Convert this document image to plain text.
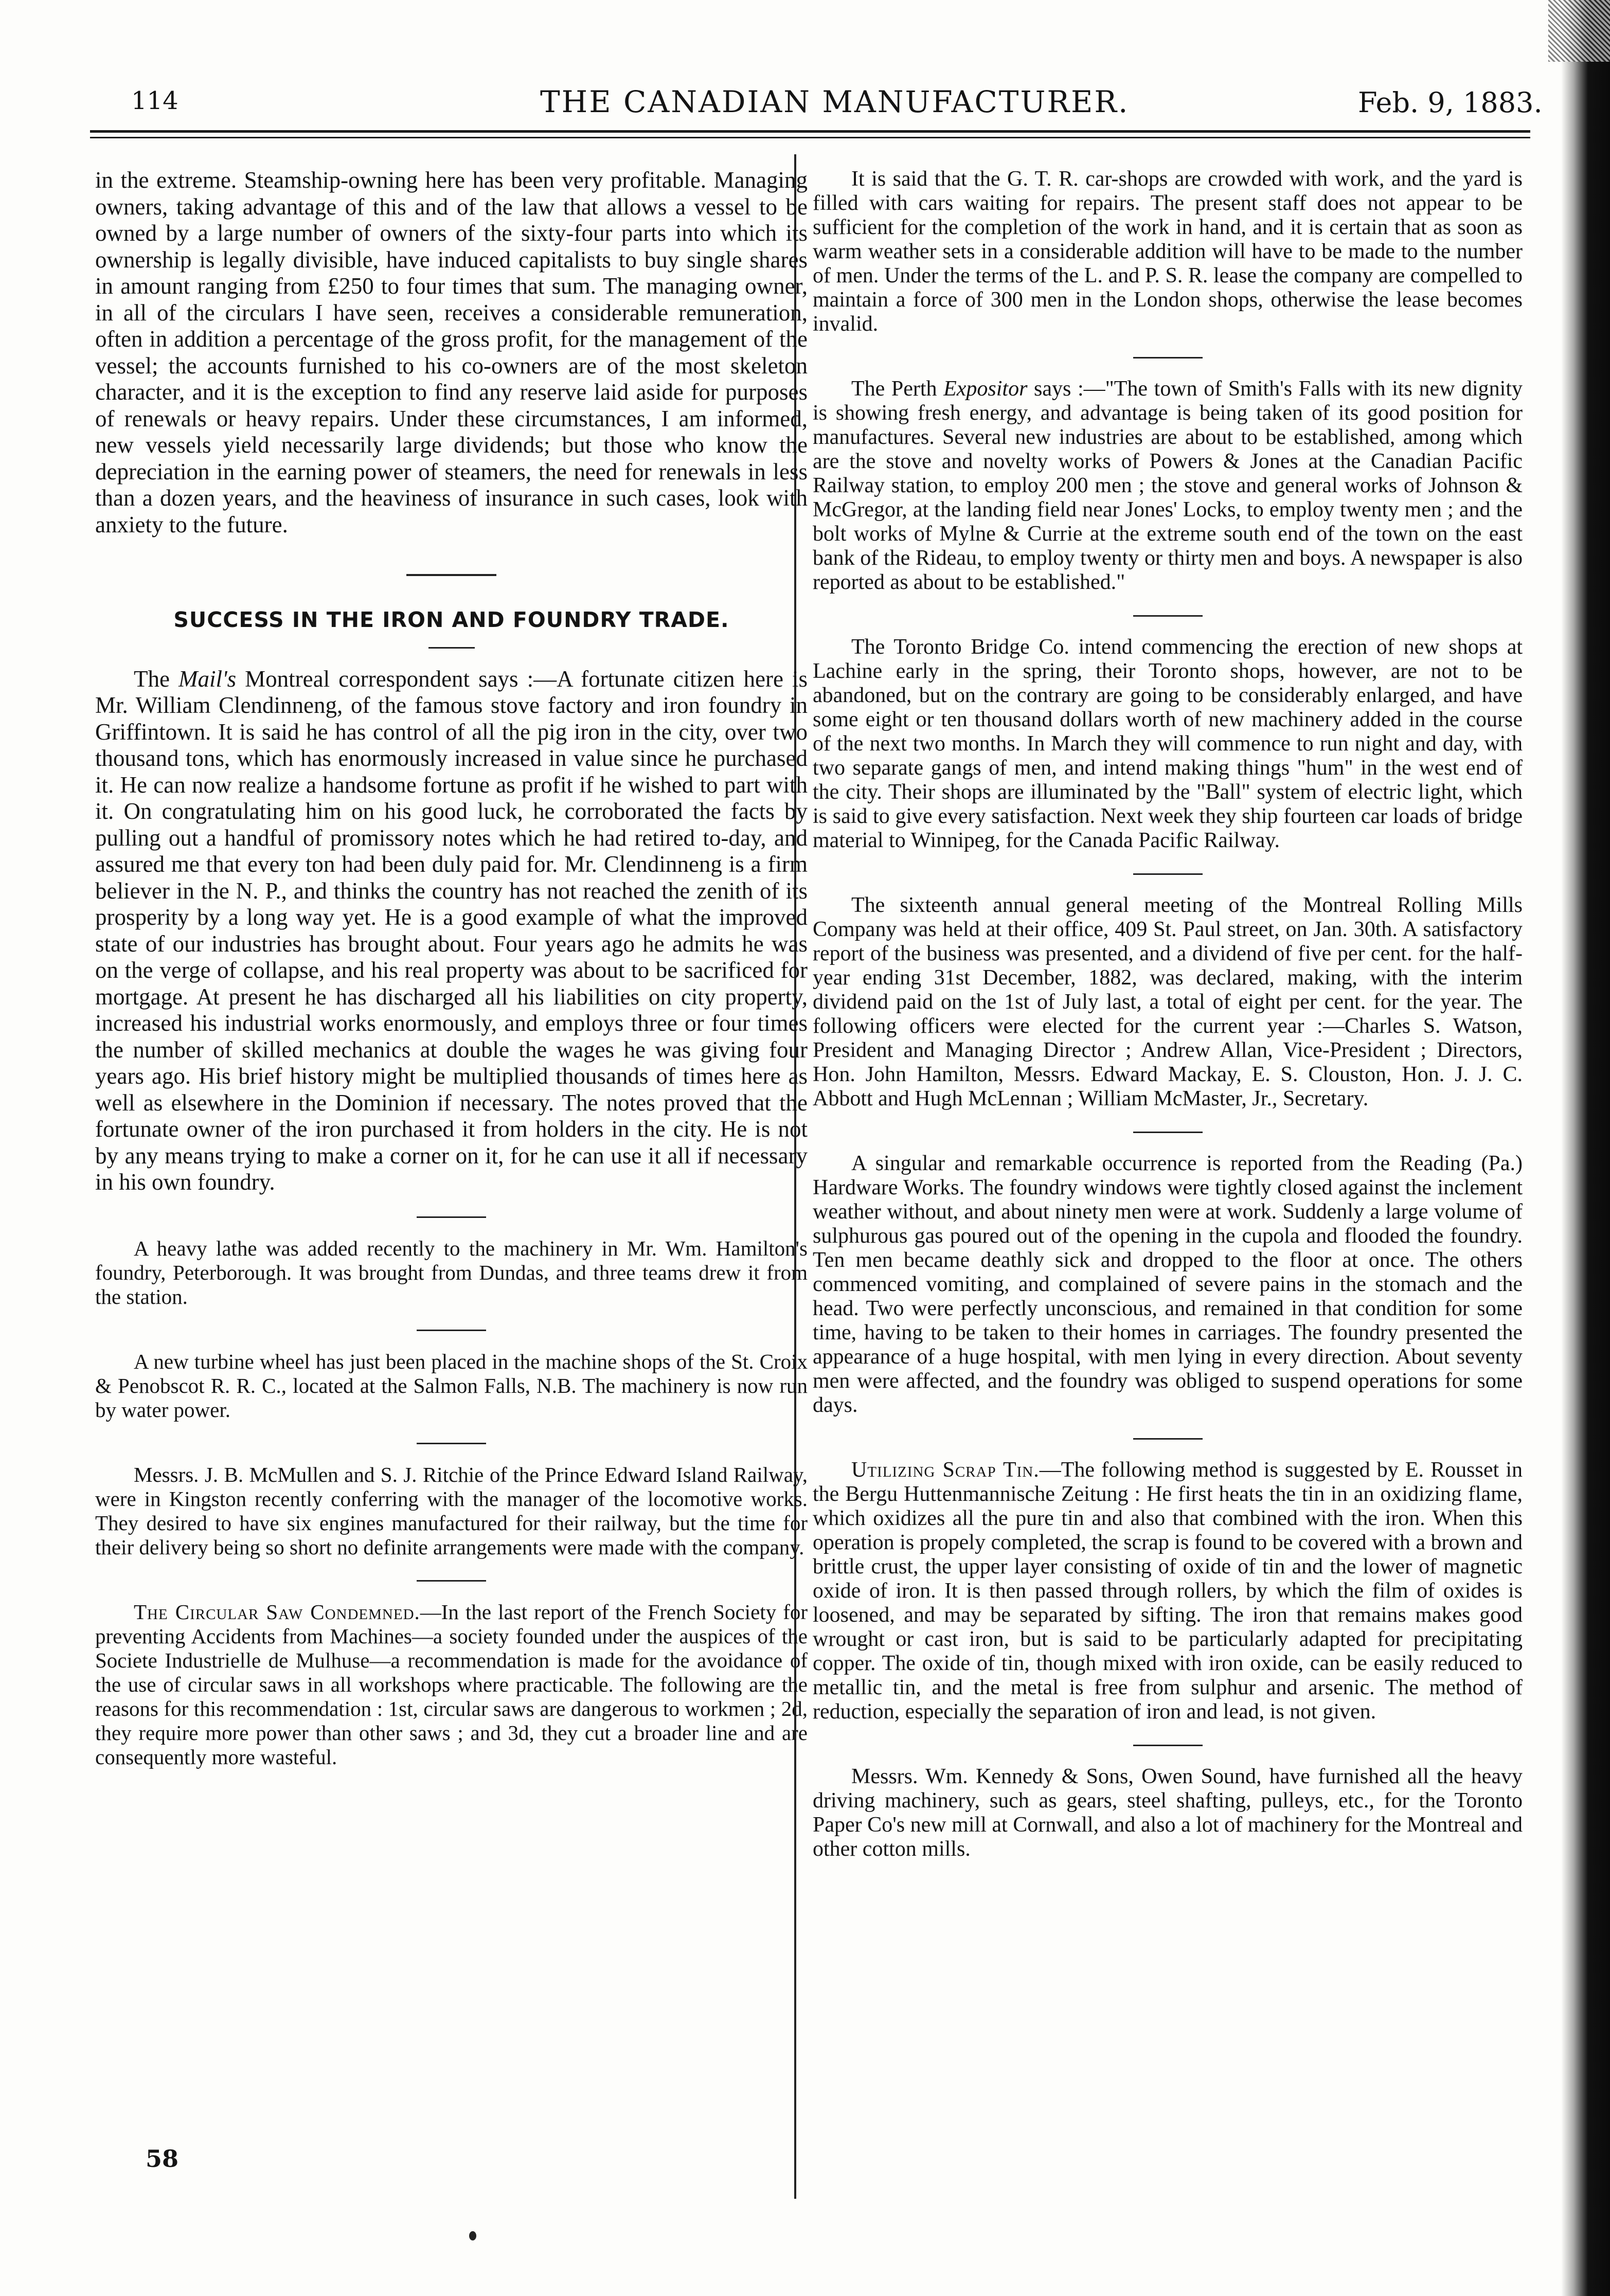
114	THE CANADIAN MANUFACTURER.	Feb. 9, 1883.

in the extreme. Steamship-owning here has been very profitable. Managing owners, taking advantage of this and of the law that allows a vessel to be owned by a large number of owners of the sixty-four parts into which its ownership is legally divisible, have induced capitalists to buy single shares in amount ranging from £250 to four times that sum. The managing owner, in all of the circulars I have seen, receives a considerable remuneration, often in addition a percentage of the gross profit, for the management of the vessel; the accounts furnished to his co-owners are of the most skeleton character, and it is the exception to find any reserve laid aside for purposes of renewals or heavy repairs. Under these circumstances, I am informed, new vessels yield necessarily large dividends; but those who know the depreciation in the earning power of steamers, the need for renewals in less than a dozen years, and the heaviness of insurance in such cases, look with anxiety to the future.

SUCCESS IN THE IRON AND FOUNDRY TRADE.

The Mail's Montreal correspondent says :—A fortunate citizen here is Mr. William Clendinneng, of the famous stove factory and iron foundry in Griffintown. It is said he has control of all the pig iron in the city, over two thousand tons, which has enormously increased in value since he purchased it. He can now realize a handsome fortune as profit if he wished to part with it. On congratulating him on his good luck, he corroborated the facts by pulling out a handful of promissory notes which he had retired to-day, and assured me that every ton had been duly paid for. Mr. Clendinneng is a firm believer in the N. P., and thinks the country has not reached the zenith of its prosperity by a long way yet. He is a good example of what the improved state of our industries has brought about. Four years ago he admits he was on the verge of collapse, and his real property was about to be sacrificed for mortgage. At present he has discharged all his liabilities on city property, increased his industrial works enormously, and employs three or four times the number of skilled mechanics at double the wages he was giving four years ago. His brief history might be multiplied thousands of times here as well as elsewhere in the Dominion if necessary. The notes proved that the fortunate owner of the iron purchased it from holders in the city. He is not by any means trying to make a corner on it, for he can use it all if necessary in his own foundry.

A heavy lathe was added recently to the machinery in Mr. Wm. Hamilton's foundry, Peterborough. It was brought from Dundas, and three teams drew it from the station.

A new turbine wheel has just been placed in the machine shops of the St. Croix & Penobscot R. R. C., located at the Salmon Falls, N.B. The machinery is now run by water power.

Messrs. J. B. McMullen and S. J. Ritchie of the Prince Edward Island Railway, were in Kingston recently conferring with the manager of the locomotive works. They desired to have six engines manufactured for their railway, but the time for their delivery being so short no definite arrangements were made with the company.

The Circular Saw Condemned.—In the last report of the French Society for preventing Accidents from Machines—a society founded under the auspices of the Societe Industrielle de Mulhuse—a recommendation is made for the avoidance of the use of circular saws in all workshops where practicable. The following are the reasons for this recommendation : 1st, circular saws are dangerous to workmen ; 2d, they require more power than other saws ; and 3d, they cut a broader line and are consequently more wasteful.

58

It is said that the G. T. R. car-shops are crowded with work, and the yard is filled with cars waiting for repairs. The present staff does not appear to be sufficient for the completion of the work in hand, and it is certain that as soon as warm weather sets in a considerable addition will have to be made to the number of men. Under the terms of the L. and P. S. R. lease the company are compelled to maintain a force of 300 men in the London shops, otherwise the lease becomes invalid.

The Perth Expositor says :—"The town of Smith's Falls with its new dignity is showing fresh energy, and advantage is being taken of its good position for manufactures. Several new industries are about to be established, among which are the stove and novelty works of Powers & Jones at the Canadian Pacific Railway station, to employ 200 men ; the stove and general works of Johnson & McGregor, at the landing field near Jones' Locks, to employ twenty men ; and the bolt works of Mylne & Currie at the extreme south end of the town on the east bank of the Rideau, to employ twenty or thirty men and boys. A newspaper is also reported as about to be established."

The Toronto Bridge Co. intend commencing the erection of new shops at Lachine early in the spring, their Toronto shops, however, are not to be abandoned, but on the contrary are going to be considerably enlarged, and have some eight or ten thousand dollars worth of new machinery added in the course of the next two months. In March they will commence to run night and day, with two separate gangs of men, and intend making things "hum" in the west end of the city. Their shops are illuminated by the "Ball" system of electric light, which is said to give every satisfaction. Next week they ship fourteen car loads of bridge material to Winnipeg, for the Canada Pacific Railway.

The sixteenth annual general meeting of the Montreal Rolling Mills Company was held at their office, 409 St. Paul street, on Jan. 30th. A satisfactory report of the business was presented, and a dividend of five per cent. for the half-year ending 31st December, 1882, was declared, making, with the interim dividend paid on the 1st of July last, a total of eight per cent. for the year. The following officers were elected for the current year :—Charles S. Watson, President and Managing Director ; Andrew Allan, Vice-President ; Directors, Hon. John Hamilton, Messrs. Edward Mackay, E. S. Clouston, Hon. J. J. C. Abbott and Hugh McLennan ; William McMaster, Jr., Secretary.

A singular and remarkable occurrence is reported from the Reading (Pa.) Hardware Works. The foundry windows were tightly closed against the inclement weather without, and about ninety men were at work. Suddenly a large volume of sulphurous gas poured out of the opening in the cupola and flooded the foundry. Ten men became deathly sick and dropped to the floor at once. The others commenced vomiting, and complained of severe pains in the stomach and the head. Two were perfectly unconscious, and remained in that condition for some time, having to be taken to their homes in carriages. The foundry presented the appearance of a huge hospital, with men lying in every direction. About seventy men were affected, and the foundry was obliged to suspend operations for some days.

Utilizing Scrap Tin.—The following method is suggested by E. Rousset in the Bergu Huttenmannische Zeitung : He first heats the tin in an oxidizing flame, which oxidizes all the pure tin and also that combined with the iron. When this operation is propely completed, the scrap is found to be covered with a brown and brittle crust, the upper layer consisting of oxide of tin and the lower of magnetic oxide of iron. It is then passed through rollers, by which the film of oxides is loosened, and may be separated by sifting. The iron that remains makes good wrought or cast iron, but is said to be particularly adapted for precipitating copper. The oxide of tin, though mixed with iron oxide, can be easily reduced to metallic tin, and the metal is free from sulphur and arsenic. The method of reduction, especially the separation of iron and lead, is not given.

Messrs. Wm. Kennedy & Sons, Owen Sound, have furnished all the heavy driving machinery, such as gears, steel shafting, pulleys, etc., for the Toronto Paper Co's new mill at Cornwall, and also a lot of machinery for the Montreal and other cotton mills.
